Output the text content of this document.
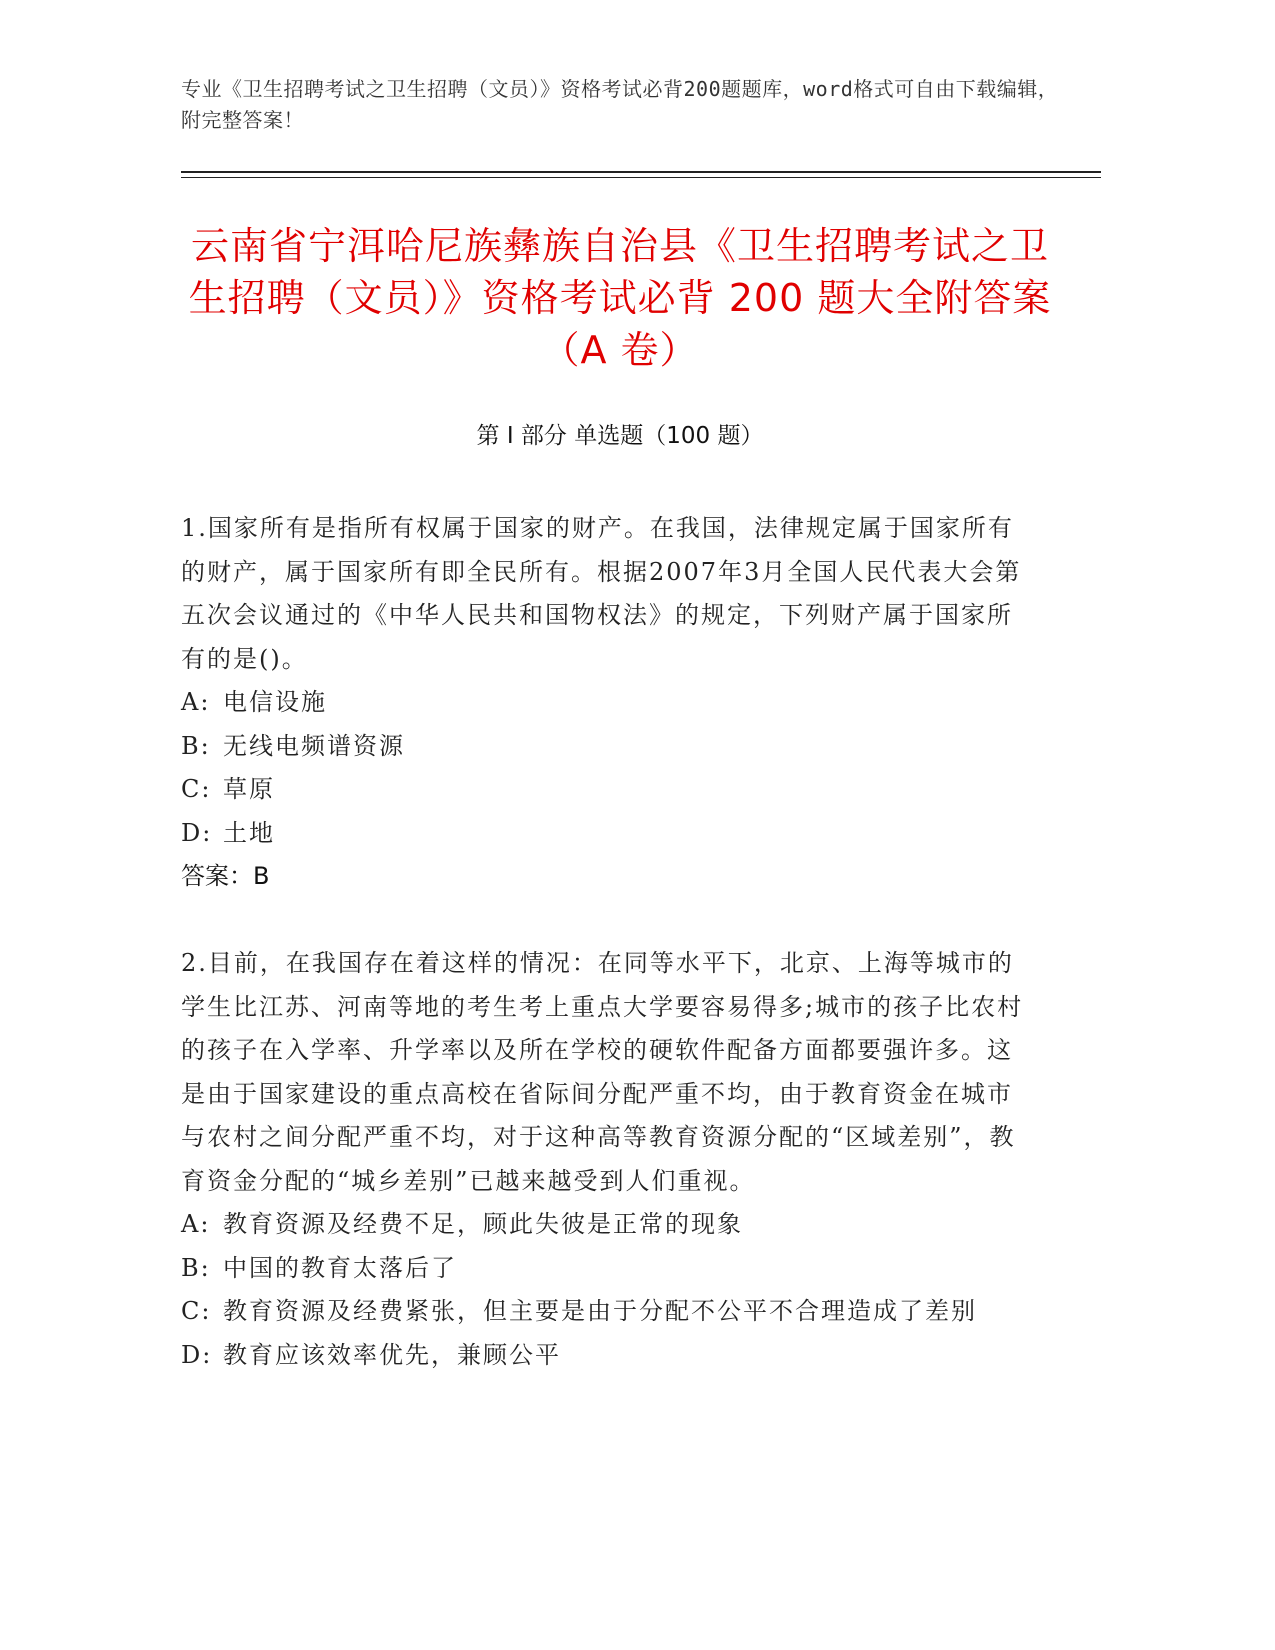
专业《卫生招聘考试之卫生招聘（文员）》资格考试必背200题题库，word格式可自由下载编辑，附完整答案！
云南省宁洱哈尼族彝族自治县《卫生招聘考试之卫生招聘（文员）》资格考试必背 200 题大全附答案（A 卷）
第 I 部分 单选题（100 题）

1.国家所有是指所有权属于国家的财产。在我国，法律规定属于国家所有的财产，属于国家所有即全民所有。根据2007年3月全国人民代表大会第五次会议通过的《中华人民共和国物权法》的规定，下列财产属于国家所有的是()。

A: 电信设施

B: 无线电频谱资源

C: 草原

D: 土地

答案：B

2.目前，在我国存在着这样的情况：在同等水平下，北京、上海等城市的学生比江苏、河南等地的考生考上重点大学要容易得多;城市的孩子比农村的孩子在入学率、升学率以及所在学校的硬软件配备方面都要强许多。这是由于国家建设的重点高校在省际间分配严重不均，由于教育资金在城市与农村之间分配严重不均，对于这种高等教育资源分配的“区域差别”，教育资金分配的“城乡差别”已越来越受到人们重视。

A: 教育资源及经费不足，顾此失彼是正常的现象

B: 中国的教育太落后了

C: 教育资源及经费紧张，但主要是由于分配不公平不合理造成了差别

D: 教育应该效率优先，兼顾公平
